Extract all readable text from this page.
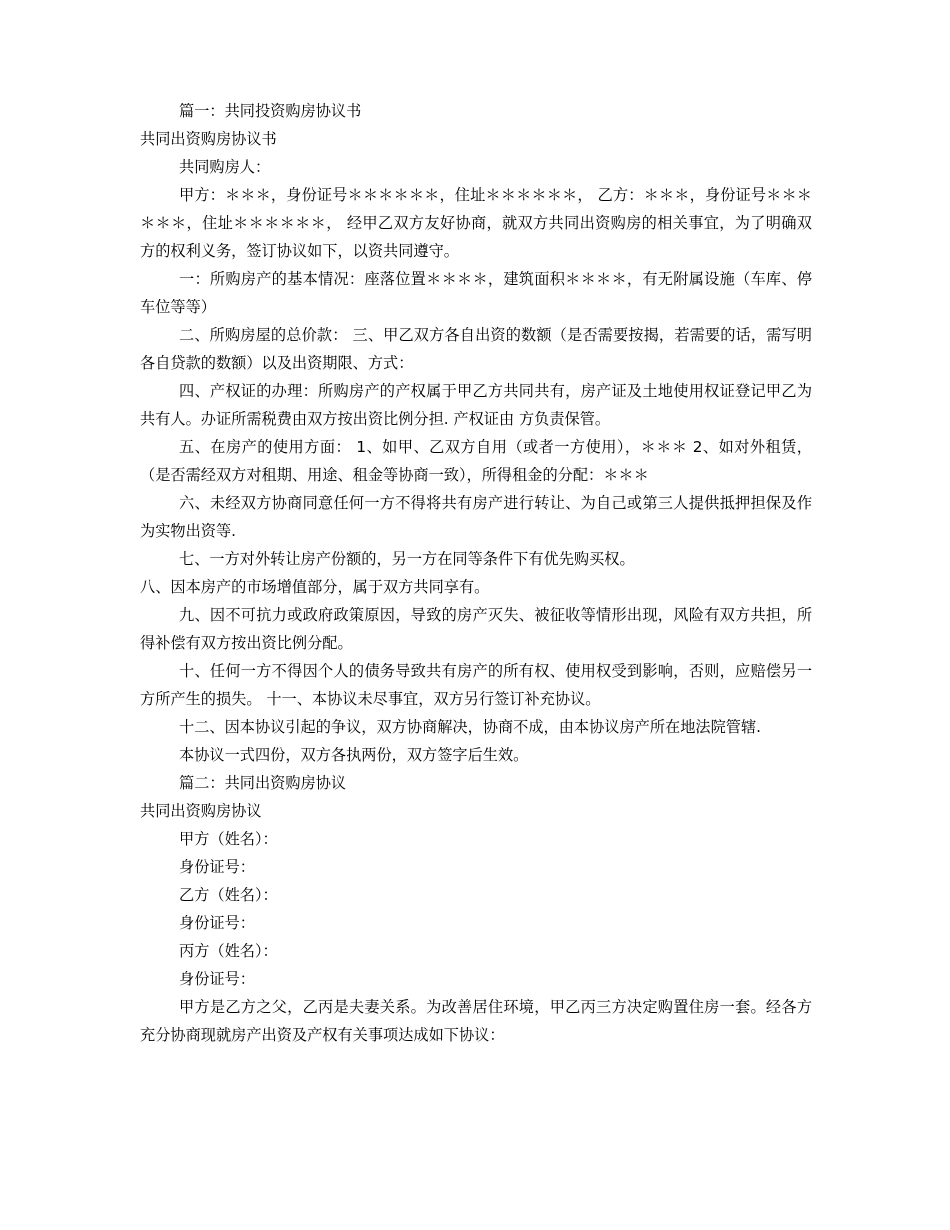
篇一：共同投资购房协议书

共同出资购房协议书

共同购房人：

甲方：＊＊＊，身份证号＊＊＊＊＊＊，住址＊＊＊＊＊＊， 乙方：＊＊＊，身份证号＊＊＊＊＊＊，住址＊＊＊＊＊＊， 经甲乙双方友好协商，就双方共同出资购房的相关事宜，为了明确双方的权利义务，签订协议如下，以资共同遵守。

一：所购房产的基本情况：座落位置＊＊＊＊，建筑面积＊＊＊＊，有无附属设施（车库、停车位等等）

二、所购房屋的总价款： 三、甲乙双方各自出资的数额（是否需要按揭，若需要的话，需写明各自贷款的数额）以及出资期限、方式：

四、产权证的办理：所购房产的产权属于甲乙方共同共有，房产证及土地使用权证登记甲乙为共有人。办证所需税费由双方按出资比例分担. 产权证由 方负责保管。

五、在房产的使用方面： 1、如甲、乙双方自用（或者一方使用），＊＊＊ 2、如对外租赁，（是否需经双方对租期、用途、租金等协商一致），所得租金的分配：＊＊＊

六、未经双方协商同意任何一方不得将共有房产进行转让、为自己或第三人提供抵押担保及作为实物出资等.

七、一方对外转让房产份额的，另一方在同等条件下有优先购买权。

八、因本房产的市场增值部分，属于双方共同享有。

九、因不可抗力或政府政策原因，导致的房产灭失、被征收等情形出现，风险有双方共担，所得补偿有双方按出资比例分配。

十、任何一方不得因个人的债务导致共有房产的所有权、使用权受到影响，否则，应赔偿另一方所产生的损失。 十一、本协议未尽事宜，双方另行签订补充协议。

十二、因本协议引起的争议，双方协商解决，协商不成，由本协议房产所在地法院管辖.

本协议一式四份，双方各执两份，双方签字后生效。

篇二：共同出资购房协议

共同出资购房协议

甲方（姓名）：

身份证号：

乙方（姓名）：

身份证号：

丙方（姓名）：

身份证号：

甲方是乙方之父，乙丙是夫妻关系。为改善居住环境，甲乙丙三方决定购置住房一套。经各方充分协商现就房产出资及产权有关事项达成如下协议：
